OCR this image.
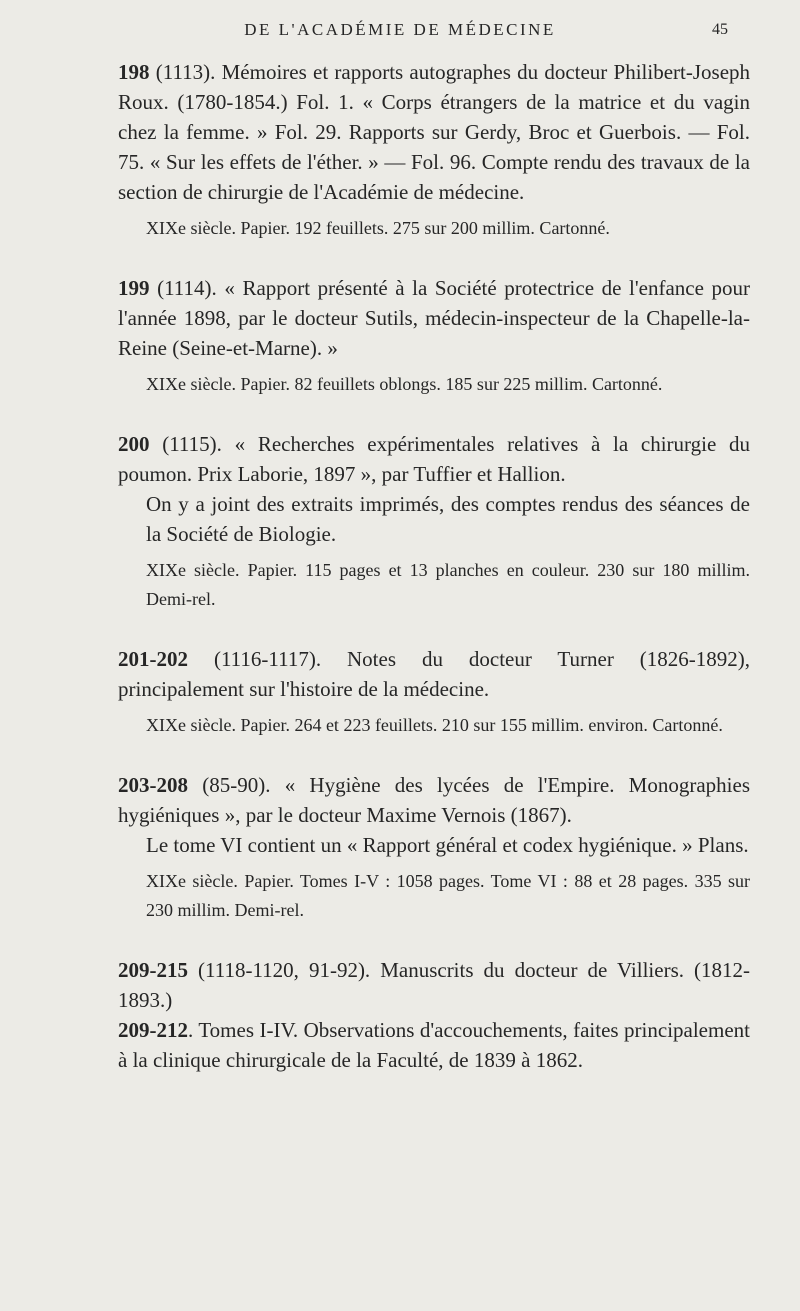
DE L'ACADÉMIE DE MÉDECINE	45

198 (1113). Mémoires et rapports autographes du docteur Philibert-Joseph Roux. (1780-1854.) Fol. 1. « Corps étrangers de la matrice et du vagin chez la femme. » Fol. 29. Rapports sur Gerdy, Broc et Guerbois. — Fol. 75. « Sur les effets de l'éther. » — Fol. 96. Compte rendu des travaux de la section de chirurgie de l'Académie de médecine.

XIXe siècle. Papier. 192 feuillets. 275 sur 200 millim. Cartonné.

199 (1114). « Rapport présenté à la Société protectrice de l'enfance pour l'année 1898, par le docteur Sutils, médecin-inspecteur de la Chapelle-la-Reine (Seine-et-Marne). »

XIXe siècle. Papier. 82 feuillets oblongs. 185 sur 225 millim. Cartonné.

200 (1115). « Recherches expérimentales relatives à la chirurgie du poumon. Prix Laborie, 1897 », par Tuffier et Hallion.

On y a joint des extraits imprimés, des comptes rendus des séances de la Société de Biologie.

XIXe siècle. Papier. 115 pages et 13 planches en couleur. 230 sur 180 millim. Demi-rel.

201-202 (1116-1117). Notes du docteur Turner (1826-1892), principalement sur l'histoire de la médecine.

XIXe siècle. Papier. 264 et 223 feuillets. 210 sur 155 millim. environ. Cartonné.

203-208 (85-90). « Hygiène des lycées de l'Empire. Monographies hygiéniques », par le docteur Maxime Vernois (1867).

Le tome VI contient un « Rapport général et codex hygiénique. » Plans.

XIXe siècle. Papier. Tomes I-V : 1058 pages. Tome VI : 88 et 28 pages. 335 sur 230 millim. Demi-rel.

209-215 (1118-1120, 91-92). Manuscrits du docteur de Villiers. (1812-1893.)

209-212. Tomes I-IV. Observations d'accouchements, faites principalement à la clinique chirurgicale de la Faculté, de 1839 à 1862.
